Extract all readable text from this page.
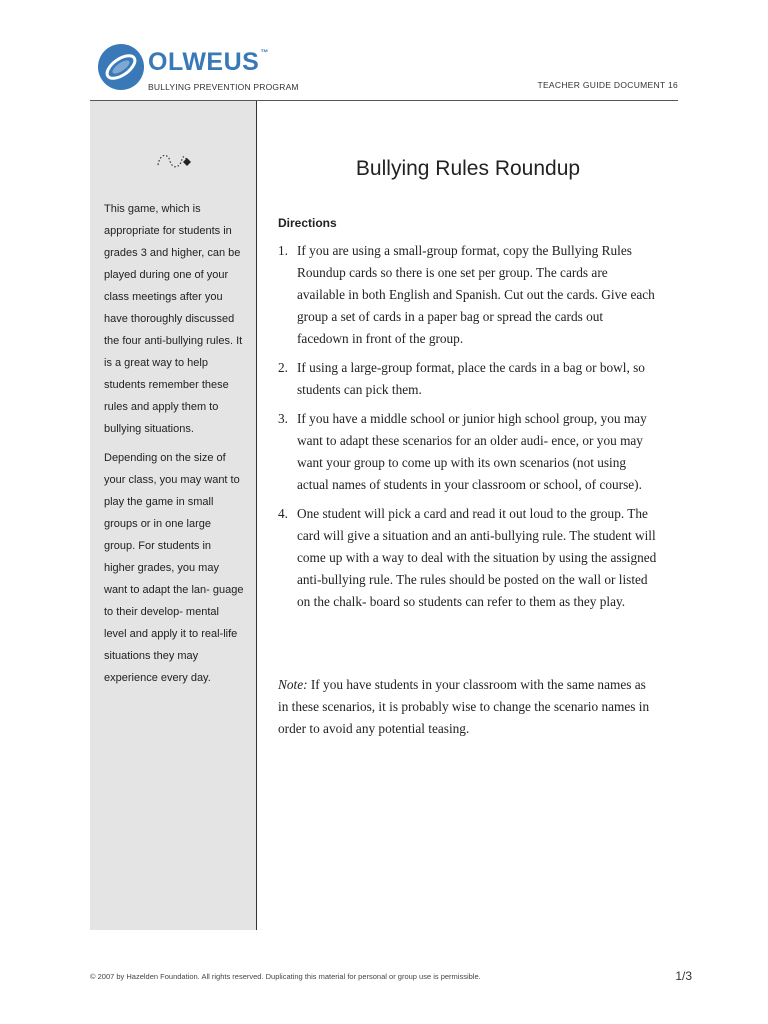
OLWEUS™
BULLYING PREVENTION PROGRAM	TEACHER GUIDE DOCUMENT 16

This game, which is appropriate for students in grades 3 and higher, can be played during one of your class meetings after you have thoroughly discussed the four anti-bullying rules. It is a great way to help students remember these rules and apply them to bullying situations.

Depending on the size of your class, you may want to play the game in small groups or in one large group. For students in higher grades, you may want to adapt the lan- guage to their develop- mental level and apply it to real-life situations they may experience every day.

Bullying Rules Roundup
Directions
1. If you are using a small-group format, copy the Bullying Rules Roundup cards so there is one set per group. The cards are available in both English and Spanish. Cut out the cards. Give each group a set of cards in a paper bag or spread the cards out facedown in front of the group.
2. If using a large-group format, place the cards in a bag or bowl, so students can pick them.
3. If you have a middle school or junior high school group, you may want to adapt these scenarios for an older audi- ence, or you may want your group to come up with its own scenarios (not using actual names of students in your classroom or school, of course).
4. One student will pick a card and read it out loud to the group. The card will give a situation and an anti-bullying rule. The student will come up with a way to deal with the situation by using the assigned anti-bullying rule. The rules should be posted on the wall or listed on the chalk- board so students can refer to them as they play.

Note: If you have students in your classroom with the same names as in these scenarios, it is probably wise to change the scenario names in order to avoid any potential teasing.

© 2007 by Hazelden Foundation. All rights reserved. Duplicating this material for personal or group use is permissible.	1/3
